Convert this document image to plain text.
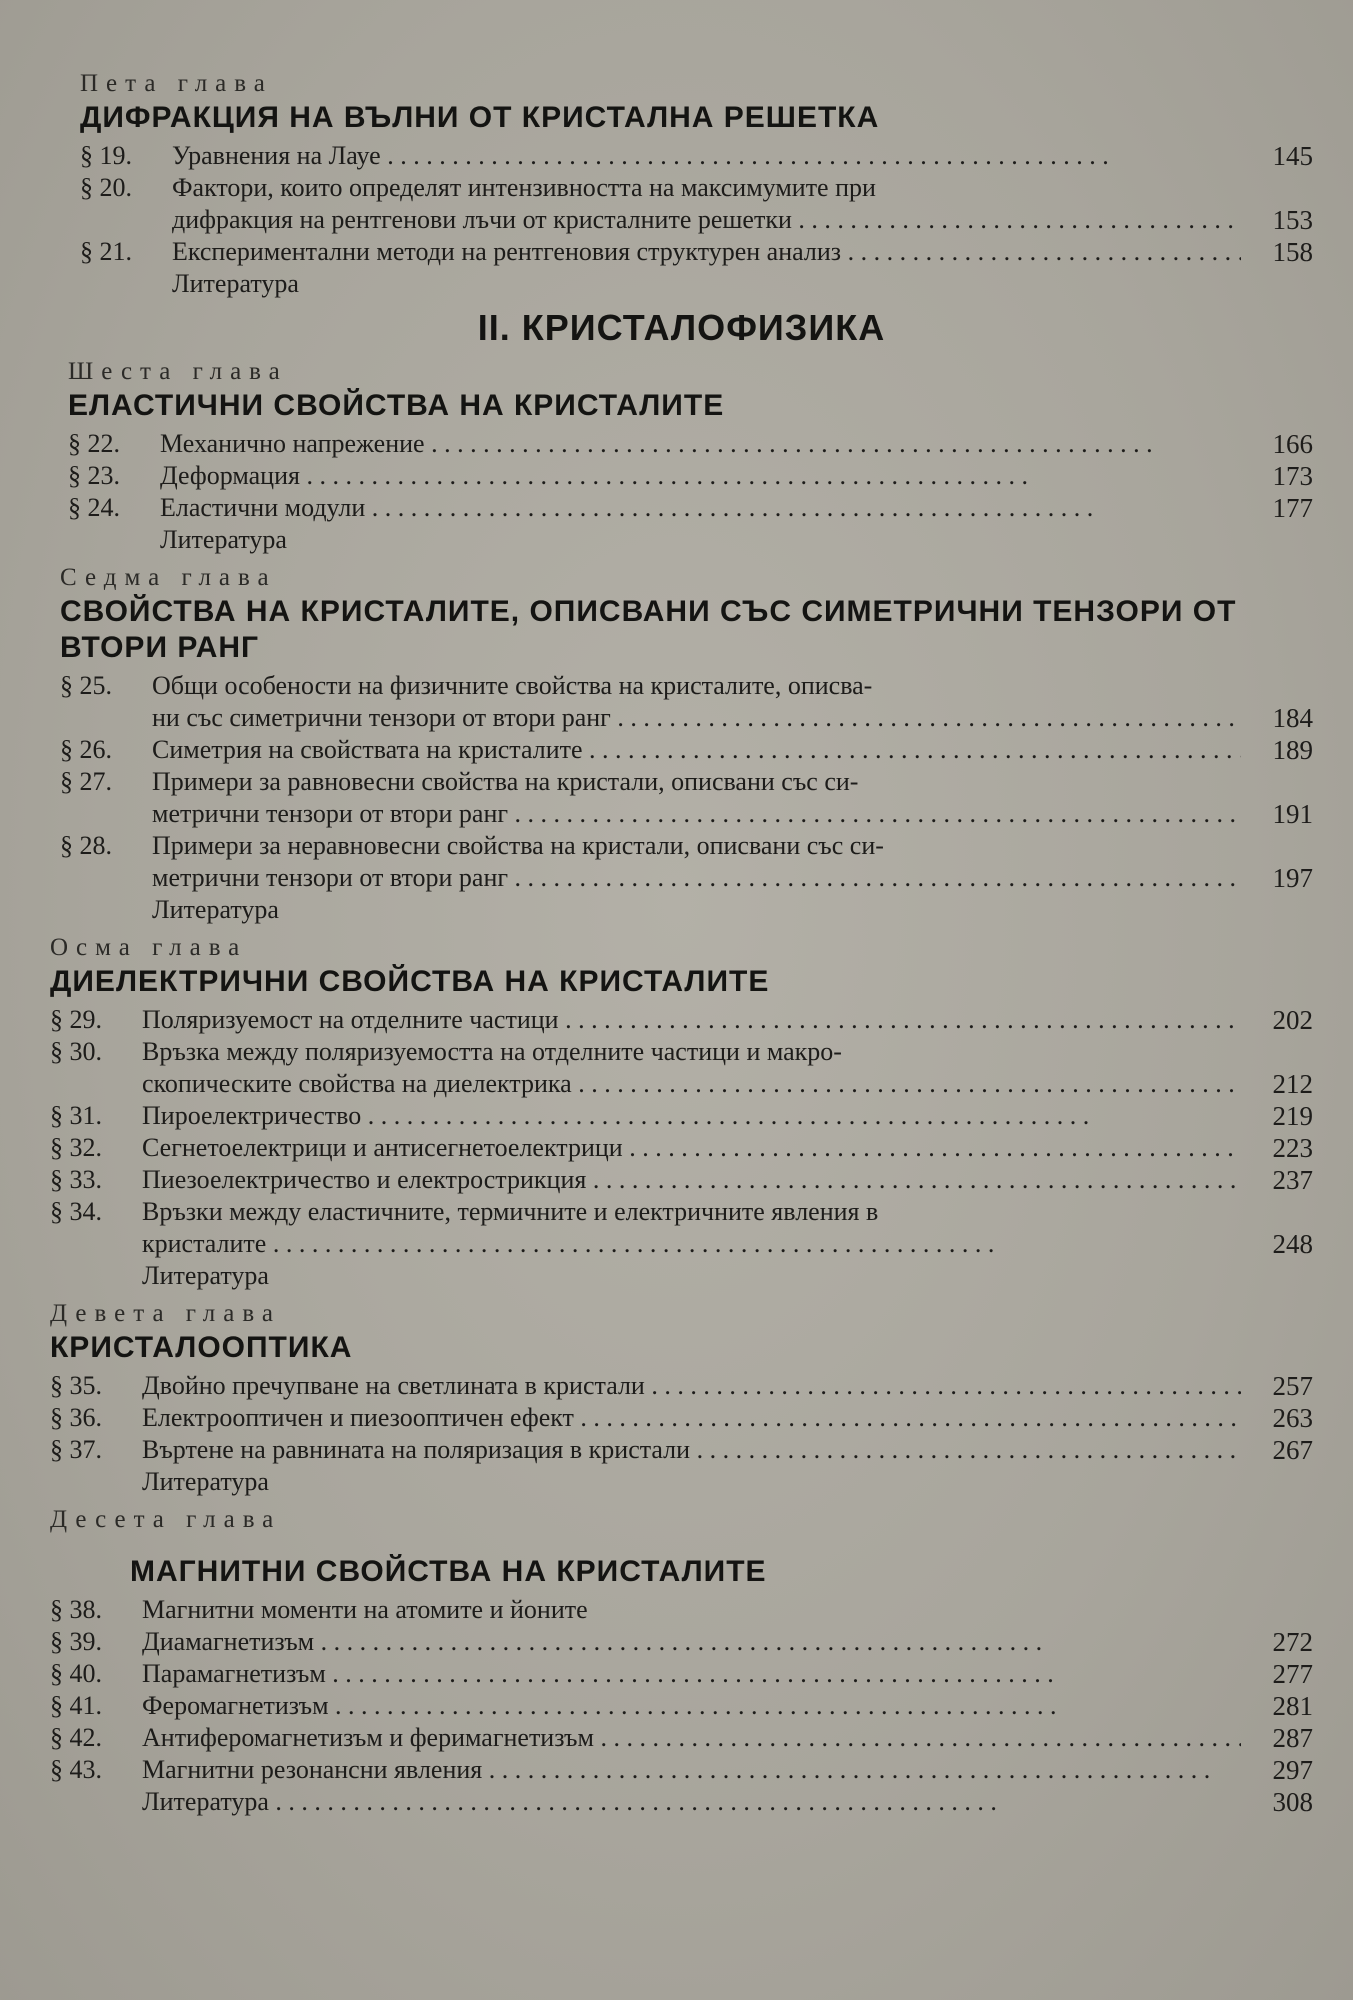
Пета глава

ДИФРАКЦИЯ НА ВЪЛНИ ОТ КРИСТАЛНА РЕШЕТКА

§ 19.	Уравнения на Лауе . . .	145
§ 20.	Фактори, които определят интензивността на максимумите при
дифракция на рентгенови лъчи от кристалните решетки . . .	153
§ 21.	Експериментални методи на рентгеновия структурен анализ . . .	158

Литература

II. КРИСТАЛОФИЗИКА

Шеста глава

ЕЛАСТИЧНИ СВОЙСТВА НА КРИСТАЛИТЕ

§ 22.	Механично напрежение . . .	166
§ 23.	Деформация . . .	173
§ 24.	Еластични модули . . .	177

Литература

Седма глава

СВОЙСТВА НА КРИСТАЛИТЕ, ОПИСВАНИ СЪС СИМЕТРИЧНИ ТЕНЗОРИ ОТ ВТОРИ РАНГ

§ 25.	Общи особености на физичните свойства на кристалите, описва-
ни със симетрични тензори от втори ранг . . .	184
§ 26.	Симетрия на свойствата на кристалите . . .	189
§ 27.	Примери за равновесни свойства на кристали, описвани със си-
метрични тензори от втори ранг . . .	191
§ 28.	Примери за неравновесни свойства на кристали, описвани със си-
метрични тензори от втори ранг . . .	197

Литература

Осма глава

ДИЕЛЕКТРИЧНИ СВОЙСТВА НА КРИСТАЛИТЕ

§ 29.	Поляризуемост на отделните частици . . .	202
§ 30.	Връзка между поляризуемостта на отделните частици и макро-
скопическите свойства на диелектрика . . .	212
§ 31.	Пироелектричество . . .	219
§ 32.	Сегнетоелектрици и антисегнетоелектрици . . .	223
§ 33.	Пиезоелектричество и електрострикция . . .	237
§ 34.	Връзки между еластичните, термичните и електричните явления в
кристалите . . .	248

Литература

Девета глава

КРИСТАЛООПТИКА

§ 35.	Двойно пречупване на светлината в кристали . . .	257
§ 36.	Електрооптичен и пиезооптичен ефект . . .	263
§ 37.	Въртене на равнината на поляризация в кристали . . .	267

Литература

Десета глава

МАГНИТНИ СВОЙСТВА НА КРИСТАЛИТЕ

§ 38.	Магнитни моменти на атомите и йоните
§ 39.	Диамагнетизъм . . .	272
§ 40.	Парамагнетизъм . . .	277
§ 41.	Феромагнетизъм . . .	281
§ 42.	Антиферомагнетизъм и феримагнетизъм . . .	287
§ 43.	Магнитни резонансни явления . . .	297
Литература . . .	308
